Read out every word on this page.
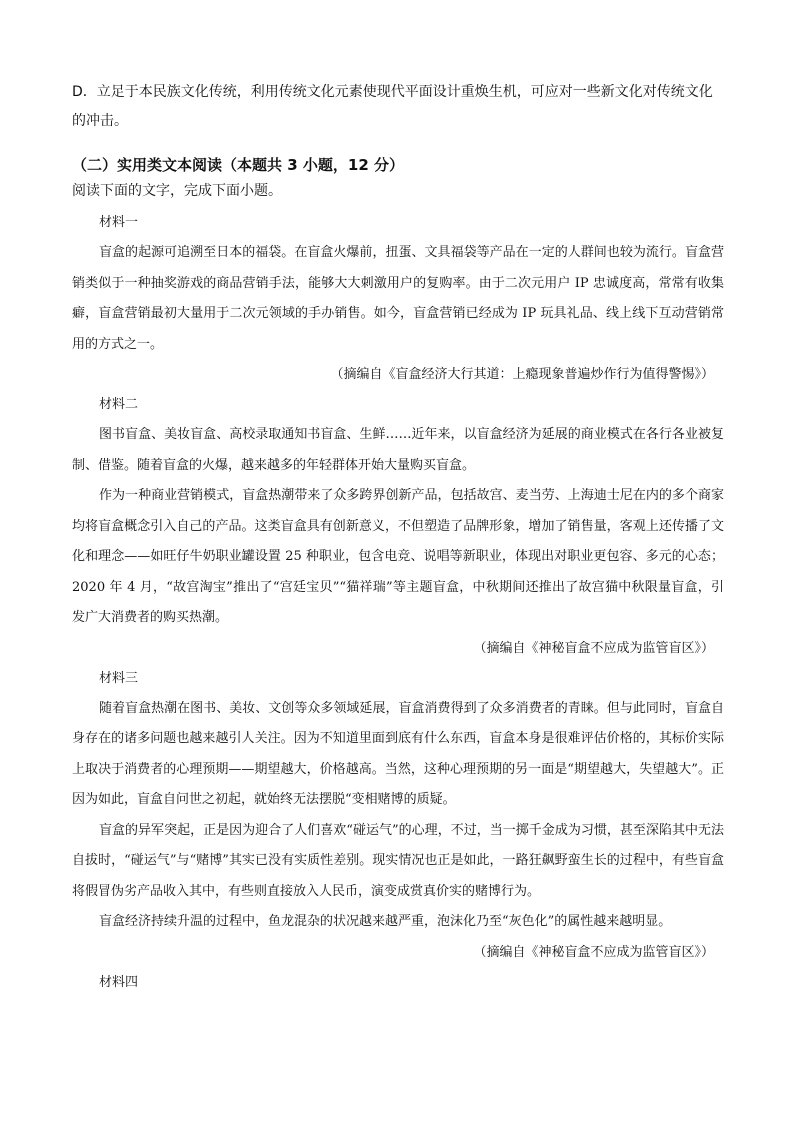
D．立足于本民族文化传统，利用传统文化元素使现代平面设计重焕生机，可应对一些新文化对传统文化的冲击。

（二）实用类文本阅读（本题共 3 小题，12 分）

阅读下面的文字，完成下面小题。

材料一

盲盒的起源可追溯至日本的福袋。在盲盒火爆前，扭蛋、文具福袋等产品在一定的人群间也较为流行。盲盒营销类似于一种抽奖游戏的商品营销手法，能够大大刺激用户的复购率。由于二次元用户 IP 忠诚度高，常常有收集癖，盲盒营销最初大量用于二次元领域的手办销售。如今，盲盒营销已经成为 IP 玩具礼品、线上线下互动营销常用的方式之一。

（摘编自《盲盒经济大行其道：上瘾现象普遍炒作行为值得警惕》）

材料二

图书盲盒、美妆盲盒、高校录取通知书盲盒、生鲜……近年来，以盲盒经济为延展的商业模式在各行各业被复制、借鉴。随着盲盒的火爆，越来越多的年轻群体开始大量购买盲盒。

作为一种商业营销模式，盲盒热潮带来了众多跨界创新产品，包括故宫、麦当劳、上海迪士尼在内的多个商家均将盲盒概念引入自己的产品。这类盲盒具有创新意义，不但塑造了品牌形象，增加了销售量，客观上还传播了文化和理念——如旺仔牛奶职业罐设置 25 种职业，包含电竞、说唱等新职业，体现出对职业更包容、多元的心态；2020 年 4 月，“故宫淘宝”推出了“宫廷宝贝”“猫祥瑞”等主题盲盒，中秋期间还推出了故宫猫中秋限量盲盒，引发广大消费者的购买热潮。

（摘编自《神秘盲盒不应成为监管盲区》）

材料三

随着盲盒热潮在图书、美妆、文创等众多领域延展，盲盒消费得到了众多消费者的青睐。但与此同时，盲盒自身存在的诸多问题也越来越引人关注。因为不知道里面到底有什么东西，盲盒本身是很难评估价格的，其标价实际上取决于消费者的心理预期——期望越大，价格越高。当然，这种心理预期的另一面是“期望越大，失望越大”。正因为如此，盲盒自问世之初起，就始终无法摆脱“变相赌博的质疑。

盲盒的异军突起，正是因为迎合了人们喜欢“碰运气”的心理，不过，当一掷千金成为习惯，甚至深陷其中无法自拔时，“碰运气”与“赌博”其实已没有实质性差别。现实情况也正是如此，一路狂飙野蛮生长的过程中，有些盲盒将假冒伪劣产品收入其中，有些则直接放入人民币，演变成赏真价实的赌博行为。

盲盒经济持续升温的过程中，鱼龙混杂的状况越来越严重，泡沫化乃至“灰色化”的属性越来越明显。

（摘编自《神秘盲盒不应成为监管盲区》）

材料四
